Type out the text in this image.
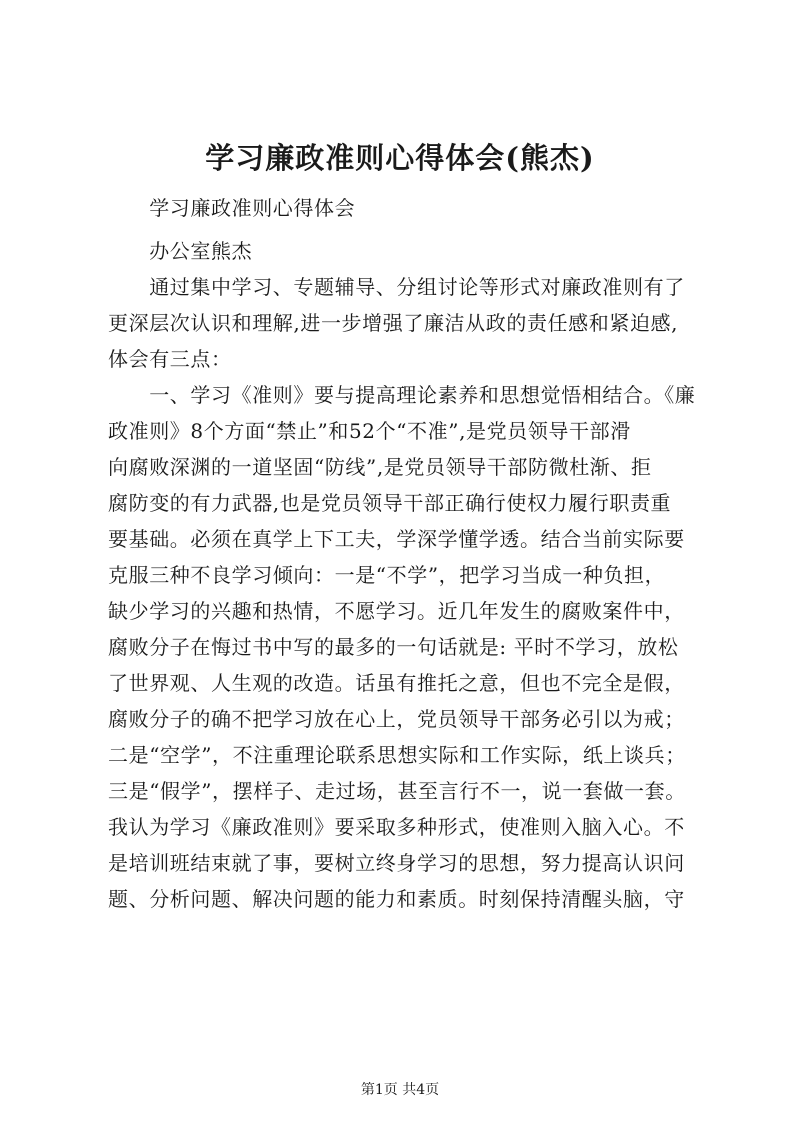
学习廉政准则心得体会(熊杰)
　　学习廉政准则心得体会
　　办公室熊杰
　　通过集中学习、专题辅导、分组讨论等形式对廉政准则有了
更深层次认识和理解,进一步增强了廉洁从政的责任感和紧迫感,
体会有三点：
　　一、学习《准则》要与提高理论素养和思想觉悟相结合。《廉
政准则》8个方面“禁止”和52个“不准”,是党员领导干部滑
向腐败深渊的一道坚固“防线”,是党员领导干部防微杜渐、拒
腐防变的有力武器,也是党员领导干部正确行使权力履行职责重
要基础。必须在真学上下工夫，学深学懂学透。结合当前实际要
克服三种不良学习倾向：一是“不学”，把学习当成一种负担，
缺少学习的兴趣和热情，不愿学习。近几年发生的腐败案件中，
腐败分子在悔过书中写的最多的一句话就是: 平时不学习，放松
了世界观、人生观的改造。话虽有推托之意，但也不完全是假，
腐败分子的确不把学习放在心上，党员领导干部务必引以为戒；
二是“空学”，不注重理论联系思想实际和工作实际，纸上谈兵；
三是“假学”，摆样子、走过场，甚至言行不一，说一套做一套。
我认为学习《廉政准则》要采取多种形式，使准则入脑入心。不
是培训班结束就了事，要树立终身学习的思想，努力提高认识问
题、分析问题、解决问题的能力和素质。时刻保持清醒头脑，守
第1页 共4页
